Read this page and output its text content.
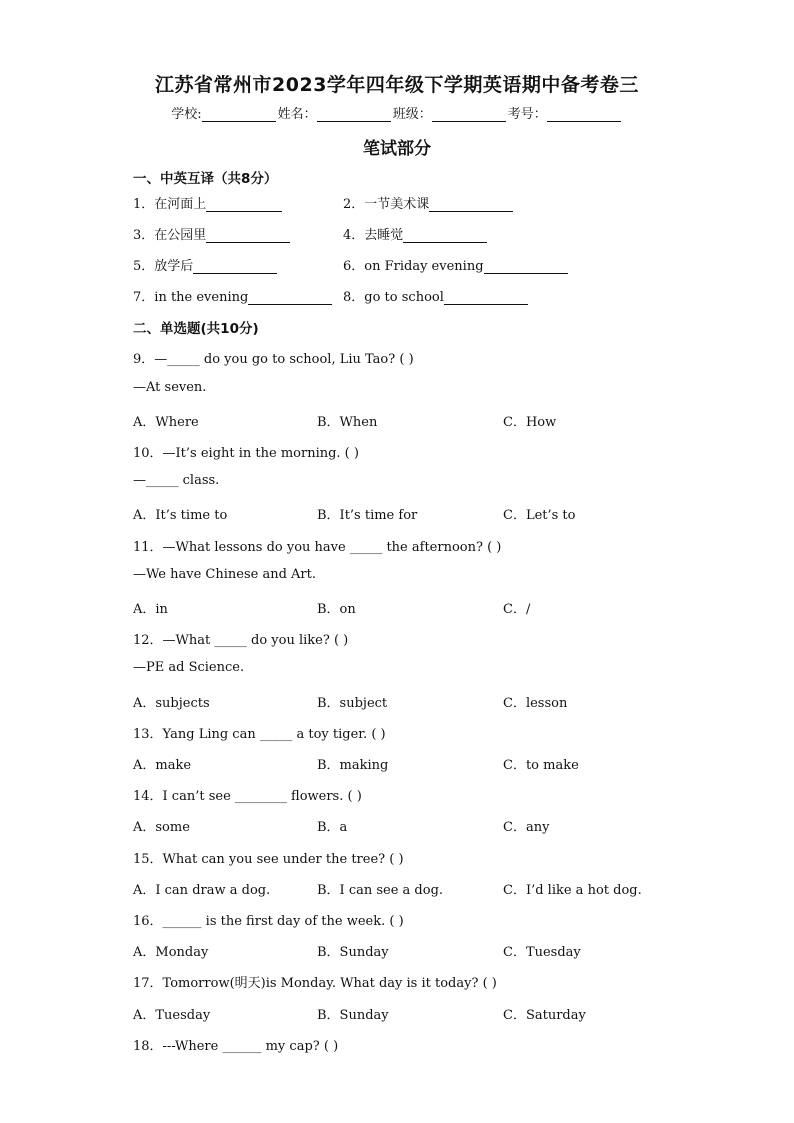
江苏省常州市2023学年四年级下学期英语期中备考卷三
学校:	姓名：	班级：	考号：
笔试部分
一、中英互译（共8分）
1．在河面上	2．一节美术课
3．在公园里	4．去睡觉
5．放学后	6．on Friday evening
7．in the evening	8．go to school
二、单选题(共10分)
9．—_____ do you go to school, Liu Tao? ( )
—At seven.
A．Where	B．When	C．How
10．—It’s eight in the morning. ( )
—_____ class.
A．It’s time to	B．It’s time for	C．Let’s to
11．—What lessons do you have _____ the afternoon? ( )
—We have Chinese and Art.
A．in	B．on	C．/
12．—What _____ do you like? ( )
—PE ad Science.
A．subjects	B．subject	C．lesson
13．Yang Ling can _____ a toy tiger. ( )
A．make	B．making	C．to make
14．I can’t see ________ flowers. ( )
A．some	B．a	C．any
15．What can you see under the tree? ( )
A．I can draw a dog.	B．I can see a dog.	C．I’d like a hot dog.
16．______ is the first day of the week. ( )
A．Monday	B．Sunday	C．Tuesday
17．Tomorrow(明天)is Monday. What day is it today? ( )
A．Tuesday	B．Sunday	C．Saturday
18．---Where ______ my cap? ( )
